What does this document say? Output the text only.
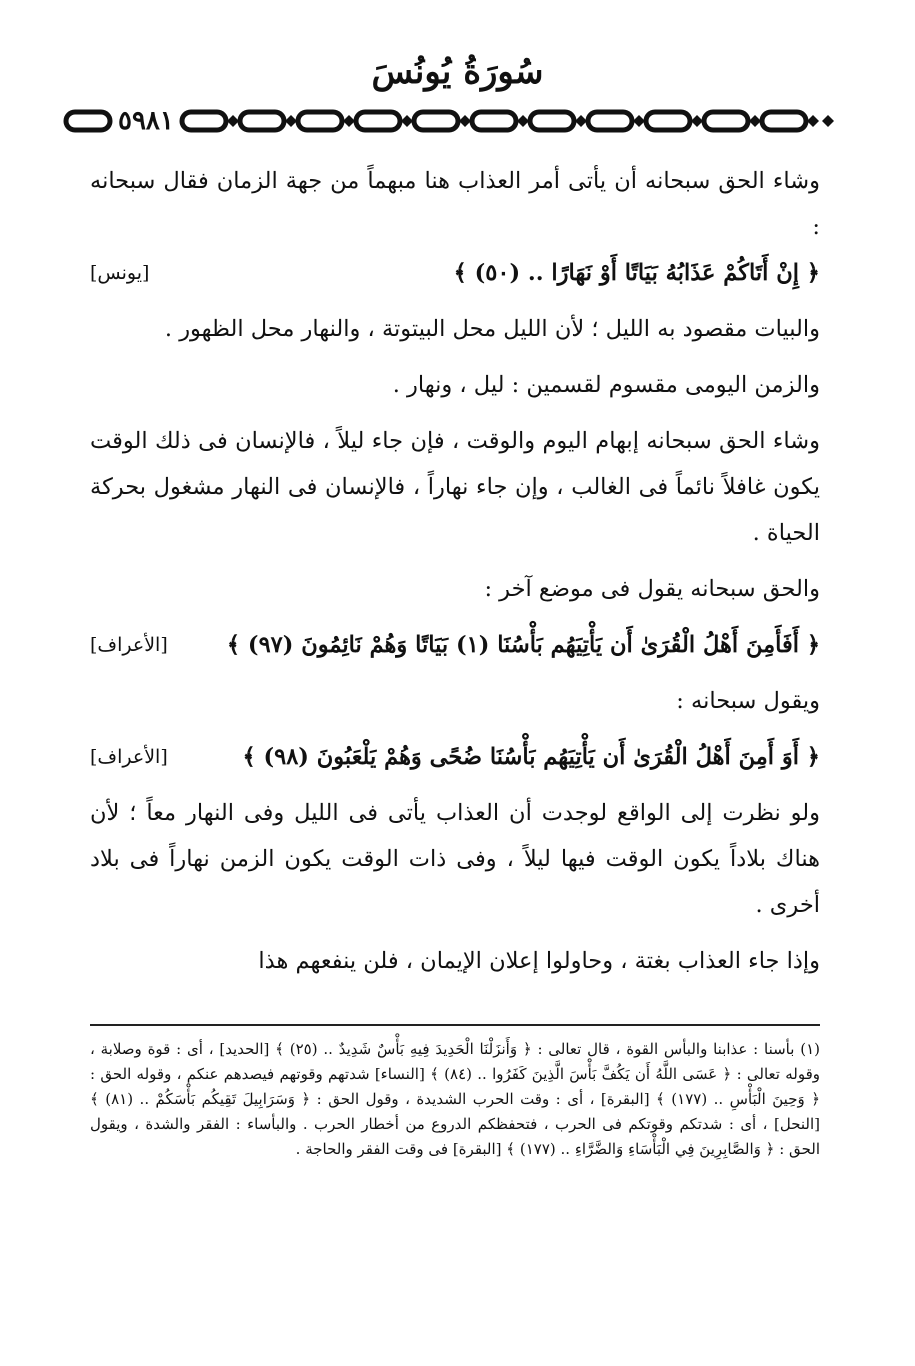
سُورَةُ يُونُسَ
٥٩٨١

وشاء الحق سبحانه أن يأتى أمر العذاب هنا مبهماً من جهة الزمان فقال سبحانه :

﴿ إِنْ أَتَاكُمْ عَذَابُهُ بَيَاتًا أَوْ نَهَارًا .. (٥٠) ﴾
[يونس]

والبيات مقصود به الليل ؛ لأن الليل محل البيتوتة ، والنهار محل الظهور .

والزمن اليومى مقسوم لقسمين : ليل ، ونهار .

وشاء الحق سبحانه إبهام اليوم والوقت ، فإن جاء ليلاً ، فالإنسان فى ذلك الوقت يكون غافلاً نائماً فى الغالب ، وإن جاء نهاراً ، فالإنسان فى النهار مشغول بحركة الحياة .

والحق سبحانه يقول فى موضع آخر :

﴿ أَفَأَمِنَ أَهْلُ الْقُرَىٰ أَن يَأْتِيَهُم بَأْسُنَا (١) بَيَاتًا وَهُمْ نَائِمُونَ (٩٧) ﴾
[الأعراف]

ويقول سبحانه :

﴿ أَوَ أَمِنَ أَهْلُ الْقُرَىٰ أَن يَأْتِيَهُم بَأْسُنَا ضُحًى وَهُمْ يَلْعَبُونَ (٩٨) ﴾
[الأعراف]

ولو نظرت إلى الواقع لوجدت أن العذاب يأتى فى الليل وفى النهار معاً ؛ لأن هناك بلاداً يكون الوقت فيها ليلاً ، وفى ذات الوقت يكون الزمن نهاراً فى بلاد أخرى .

وإذا جاء العذاب بغتة ، وحاولوا إعلان الإيمان ، فلن ينفعهم هذا

(١) بأسنا : عذابنا والبأس القوة ، قال تعالى : ﴿ وَأَنزَلْنَا الْحَدِيدَ فِيهِ بَأْسٌ شَدِيدٌ .. (٢٥) ﴾ [الحديد] ، أى : قوة وصلابة ، وقوله تعالى : ﴿ عَسَى اللَّهُ أَن يَكُفَّ بَأْسَ الَّذِينَ كَفَرُوا .. (٨٤) ﴾ [النساء] شدتهم وقوتهم فيصدهم عنكم ، وقوله الحق : ﴿ وَحِينَ الْبَأْسِ .. (١٧٧) ﴾ [البقرة] ، أى : وقت الحرب الشديدة ، وقول الحق : ﴿ وَسَرَابِيلَ تَقِيكُم بَأْسَكُمْ .. (٨١) ﴾ [النحل] ، أى : شدتكم وقوتكم فى الحرب ، فتحفظكم الدروع من أخطار الحرب . والبأساء : الفقر والشدة ، ويقول الحق : ﴿ وَالصَّابِرِينَ فِي الْبَأْسَاءِ وَالضَّرَّاءِ .. (١٧٧) ﴾ [البقرة] فى وقت الفقر والحاجة .
